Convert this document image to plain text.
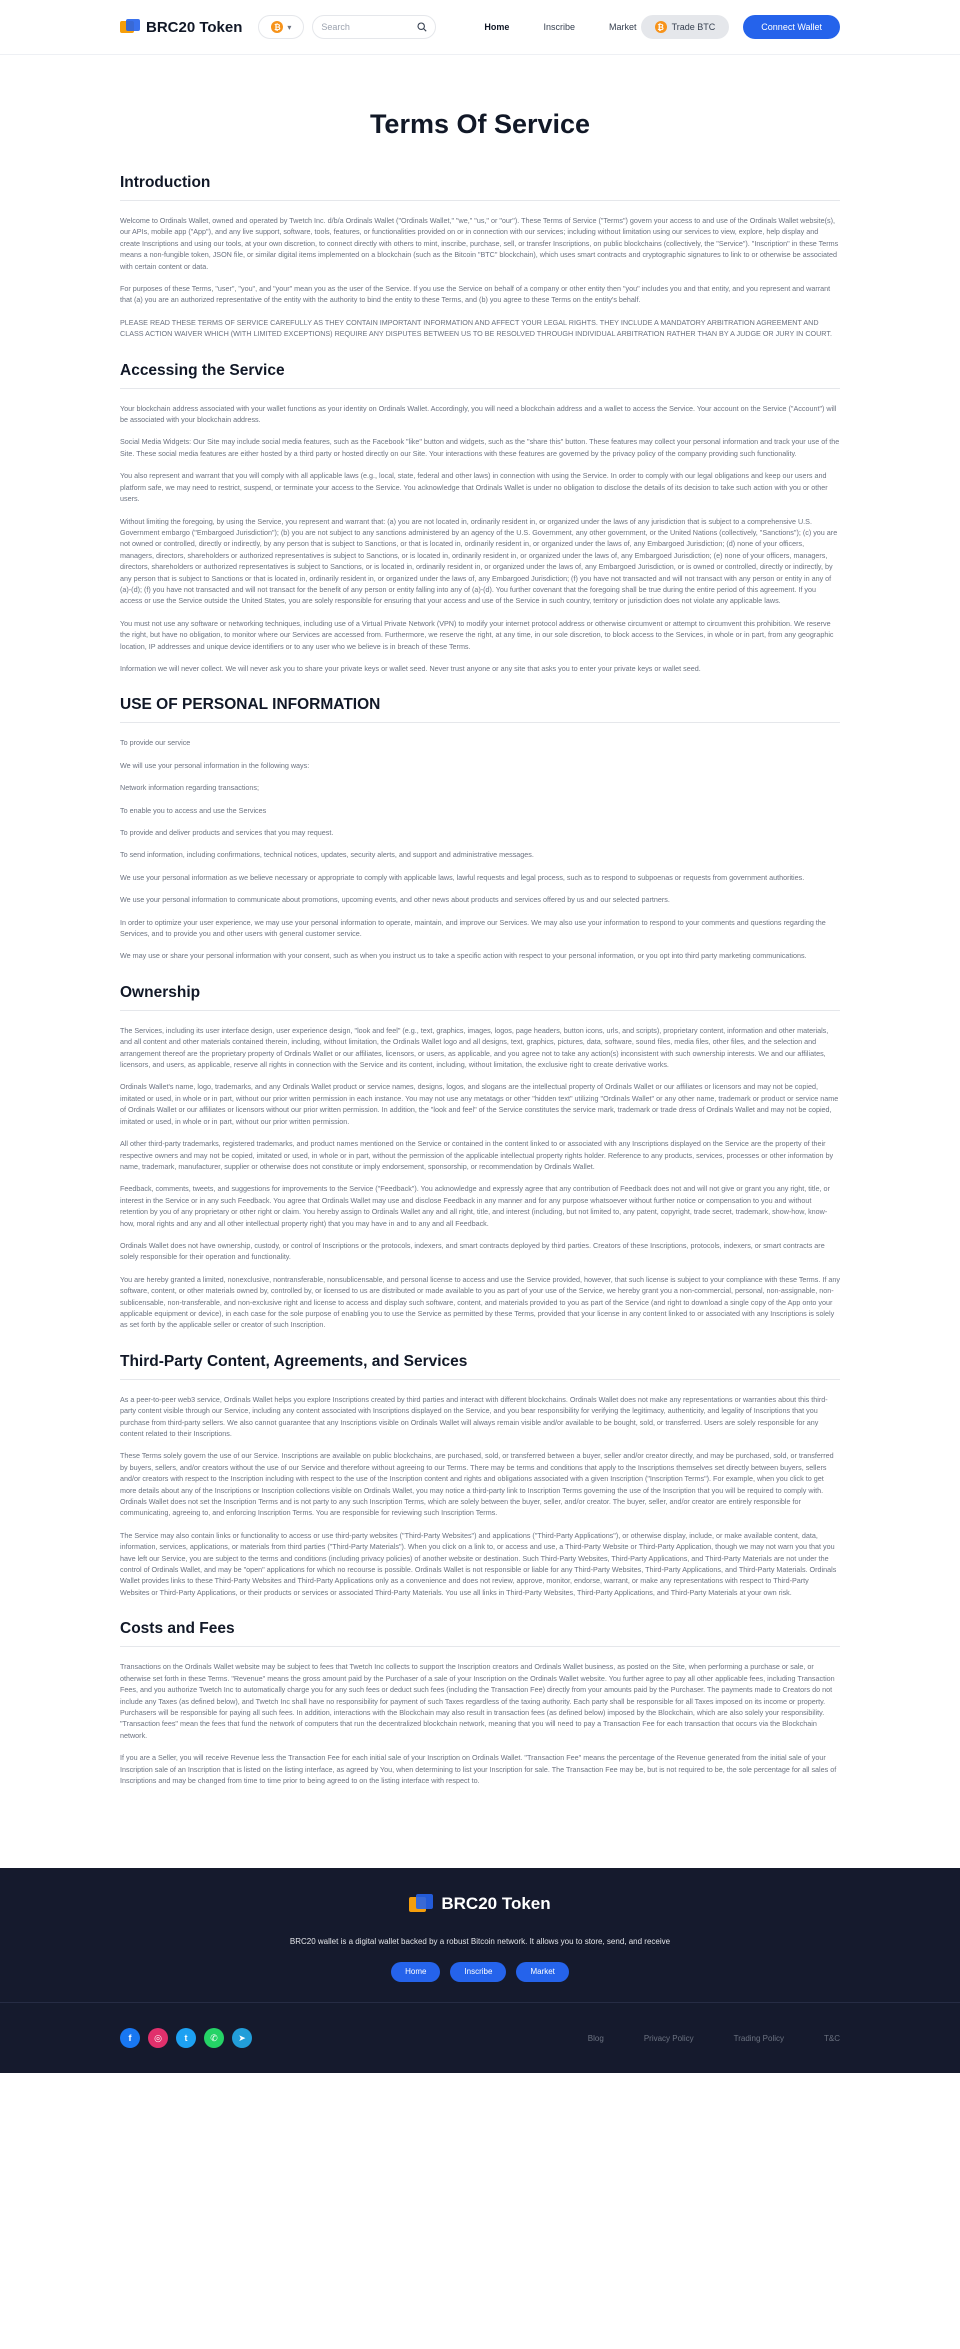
BRC20 Token	₿ ▾
Search	Home	Inscribe	Market	₿ Trade BTC	Connect Wallet
Terms Of Service
Introduction

Welcome to Ordinals Wallet, owned and operated by Twetch Inc. d/b/a Ordinals Wallet ("Ordinals Wallet," "we," "us," or "our"). These Terms of Service ("Terms") govern your access to and use of the Ordinals Wallet website(s), our APIs, mobile app ("App"), and any live support, software, tools, features, or functionalities provided on or in connection with our services; including without limitation using our services to view, explore, help display and create Inscriptions and using our tools, at your own discretion, to connect directly with others to mint, inscribe, purchase, sell, or transfer Inscriptions, on public blockchains (collectively, the "Service"). "Inscription" in these Terms means a non-fungible token, JSON file, or similar digital items implemented on a blockchain (such as the Bitcoin "BTC" blockchain), which uses smart contracts and cryptographic signatures to link to or otherwise be associated with certain content or data.

For purposes of these Terms, "user", "you", and "your" mean you as the user of the Service. If you use the Service on behalf of a company or other entity then "you" includes you and that entity, and you represent and warrant that (a) you are an authorized representative of the entity with the authority to bind the entity to these Terms, and (b) you agree to these Terms on the entity's behalf.

PLEASE READ THESE TERMS OF SERVICE CAREFULLY AS THEY CONTAIN IMPORTANT INFORMATION AND AFFECT YOUR LEGAL RIGHTS. THEY INCLUDE A MANDATORY ARBITRATION AGREEMENT AND CLASS ACTION WAIVER WHICH (WITH LIMITED EXCEPTIONS) REQUIRE ANY DISPUTES BETWEEN US TO BE RESOLVED THROUGH INDIVIDUAL ARBITRATION RATHER THAN BY A JUDGE OR JURY IN COURT.

Accessing the Service

Your blockchain address associated with your wallet functions as your identity on Ordinals Wallet. Accordingly, you will need a blockchain address and a wallet to access the Service. Your account on the Service ("Account") will be associated with your blockchain address.

Social Media Widgets: Our Site may include social media features, such as the Facebook "like" button and widgets, such as the "share this" button. These features may collect your personal information and track your use of the Site. These social media features are either hosted by a third party or hosted directly on our Site. Your interactions with these features are governed by the privacy policy of the company providing such functionality.

You also represent and warrant that you will comply with all applicable laws (e.g., local, state, federal and other laws) in connection with using the Service. In order to comply with our legal obligations and keep our users and platform safe, we may need to restrict, suspend, or terminate your access to the Service. You acknowledge that Ordinals Wallet is under no obligation to disclose the details of its decision to take such action with you or other users.

Without limiting the foregoing, by using the Service, you represent and warrant that: (a) you are not located in, ordinarily resident in, or organized under the laws of any jurisdiction that is subject to a comprehensive U.S. Government embargo ("Embargoed Jurisdiction"); (b) you are not subject to any sanctions administered by an agency of the U.S. Government, any other government, or the United Nations (collectively, "Sanctions"); (c) you are not owned or controlled, directly or indirectly, by any person that is subject to Sanctions, or that is located in, ordinarily resident in, or organized under the laws of, any Embargoed Jurisdiction; (d) none of your officers, managers, directors, shareholders or authorized representatives is subject to Sanctions, or is located in, ordinarily resident in, or organized under the laws of, any Embargoed Jurisdiction; (e) none of your officers, managers, directors, shareholders or authorized representatives is subject to Sanctions, or is located in, ordinarily resident in, or organized under the laws of, any Embargoed Jurisdiction, or is owned or controlled, directly or indirectly, by any person that is subject to Sanctions or that is located in, ordinarily resident in, or organized under the laws of, any Embargoed Jurisdiction; (f) you have not transacted and will not transact with any person or entity in any of (a)-(d); (f) you have not transacted and will not transact for the benefit of any person or entity falling into any of (a)-(d). You further covenant that the foregoing shall be true during the entire period of this agreement. If you access or use the Service outside the United States, you are solely responsible for ensuring that your access and use of the Service in such country, territory or jurisdiction does not violate any applicable laws.

You must not use any software or networking techniques, including use of a Virtual Private Network (VPN) to modify your internet protocol address or otherwise circumvent or attempt to circumvent this prohibition. We reserve the right, but have no obligation, to monitor where our Services are accessed from. Furthermore, we reserve the right, at any time, in our sole discretion, to block access to the Services, in whole or in part, from any geographic location, IP addresses and unique device identifiers or to any user who we believe is in breach of these Terms.

Information we will never collect. We will never ask you to share your private keys or wallet seed. Never trust anyone or any site that asks you to enter your private keys or wallet seed.

USE OF PERSONAL INFORMATION

To provide our service

We will use your personal information in the following ways:

Network information regarding transactions;

To enable you to access and use the Services

To provide and deliver products and services that you may request.

To send information, including confirmations, technical notices, updates, security alerts, and support and administrative messages.

We use your personal information as we believe necessary or appropriate to comply with applicable laws, lawful requests and legal process, such as to respond to subpoenas or requests from government authorities.

We use your personal information to communicate about promotions, upcoming events, and other news about products and services offered by us and our selected partners.

In order to optimize your user experience, we may use your personal information to operate, maintain, and improve our Services. We may also use your information to respond to your comments and questions regarding the Services, and to provide you and other users with general customer service.

We may use or share your personal information with your consent, such as when you instruct us to take a specific action with respect to your personal information, or you opt into third party marketing communications.

Ownership

The Services, including its user interface design, user experience design, "look and feel" (e.g., text, graphics, images, logos, page headers, button icons, urls, and scripts), proprietary content, information and other materials, and all content and other materials contained therein, including, without limitation, the Ordinals Wallet logo and all designs, text, graphics, pictures, data, software, sound files, media files, other files, and the selection and arrangement thereof are the proprietary property of Ordinals Wallet or our affiliates, licensors, or users, as applicable, and you agree not to take any action(s) inconsistent with such ownership interests. We and our affiliates, licensors, and users, as applicable, reserve all rights in connection with the Service and its content, including, without limitation, the exclusive right to create derivative works.

Ordinals Wallet's name, logo, trademarks, and any Ordinals Wallet product or service names, designs, logos, and slogans are the intellectual property of Ordinals Wallet or our affiliates or licensors and may not be copied, imitated or used, in whole or in part, without our prior written permission in each instance. You may not use any metatags or other "hidden text" utilizing "Ordinals Wallet" or any other name, trademark or product or service name of Ordinals Wallet or our affiliates or licensors without our prior written permission. In addition, the "look and feel" of the Service constitutes the service mark, trademark or trade dress of Ordinals Wallet and may not be copied, imitated or used, in whole or in part, without our prior written permission.

All other third-party trademarks, registered trademarks, and product names mentioned on the Service or contained in the content linked to or associated with any Inscriptions displayed on the Service are the property of their respective owners and may not be copied, imitated or used, in whole or in part, without the permission of the applicable intellectual property rights holder. Reference to any products, services, processes or other information by name, trademark, manufacturer, supplier or otherwise does not constitute or imply endorsement, sponsorship, or recommendation by Ordinals Wallet.

Feedback, comments, tweets, and suggestions for improvements to the Service ("Feedback"). You acknowledge and expressly agree that any contribution of Feedback does not and will not give or grant you any right, title, or interest in the Service or in any such Feedback. You agree that Ordinals Wallet may use and disclose Feedback in any manner and for any purpose whatsoever without further notice or compensation to you and without retention by you of any proprietary or other right or claim. You hereby assign to Ordinals Wallet any and all right, title, and interest (including, but not limited to, any patent, copyright, trade secret, trademark, show-how, know-how, moral rights and any and all other intellectual property right) that you may have in and to any and all Feedback.

Ordinals Wallet does not have ownership, custody, or control of Inscriptions or the protocols, indexers, and smart contracts deployed by third parties. Creators of these Inscriptions, protocols, indexers, or smart contracts are solely responsible for their operation and functionality.

You are hereby granted a limited, nonexclusive, nontransferable, nonsublicensable, and personal license to access and use the Service provided, however, that such license is subject to your compliance with these Terms. If any software, content, or other materials owned by, controlled by, or licensed to us are distributed or made available to you as part of your use of the Service, we hereby grant you a non-commercial, personal, non-assignable, non-sublicensable, non-transferable, and non-exclusive right and license to access and display such software, content, and materials provided to you as part of the Service (and right to download a single copy of the App onto your applicable equipment or device), in each case for the sole purpose of enabling you to use the Service as permitted by these Terms, provided that your license in any content linked to or associated with any Inscriptions is solely as set forth by the applicable seller or creator of such Inscription.

Third-Party Content, Agreements, and Services

As a peer-to-peer web3 service, Ordinals Wallet helps you explore Inscriptions created by third parties and interact with different blockchains. Ordinals Wallet does not make any representations or warranties about this third-party content visible through our Service, including any content associated with Inscriptions displayed on the Service, and you bear responsibility for verifying the legitimacy, authenticity, and legality of Inscriptions that you purchase from third-party sellers. We also cannot guarantee that any Inscriptions visible on Ordinals Wallet will always remain visible and/or available to be bought, sold, or transferred. Users are solely responsible for any content related to their Inscriptions.

These Terms solely govern the use of our Service. Inscriptions are available on public blockchains, are purchased, sold, or transferred between a buyer, seller and/or creator directly, and may be purchased, sold, or transferred by buyers, sellers, and/or creators without the use of our Service and therefore without agreeing to our Terms. There may be terms and conditions that apply to the Inscriptions themselves set directly between buyers, sellers and/or creators with respect to the Inscription including with respect to the use of the Inscription content and rights and obligations associated with a given Inscription ("Inscription Terms"). For example, when you click to get more details about any of the Inscriptions or Inscription collections visible on Ordinals Wallet, you may notice a third-party link to Inscription Terms governing the use of the Inscription that you will be required to comply with. Ordinals Wallet does not set the Inscription Terms and is not party to any such Inscription Terms, which are solely between the buyer, seller, and/or creator. The buyer, seller, and/or creator are entirely responsible for communicating, agreeing to, and enforcing Inscription Terms. You are responsible for reviewing such Inscription Terms.

The Service may also contain links or functionality to access or use third-party websites ("Third-Party Websites") and applications ("Third-Party Applications"), or otherwise display, include, or make available content, data, information, services, applications, or materials from third parties ("Third-Party Materials"). When you click on a link to, or access and use, a Third-Party Website or Third-Party Application, though we may not warn you that you have left our Service, you are subject to the terms and conditions (including privacy policies) of another website or destination. Such Third-Party Websites, Third-Party Applications, and Third-Party Materials are not under the control of Ordinals Wallet, and may be "open" applications for which no recourse is possible. Ordinals Wallet is not responsible or liable for any Third-Party Websites, Third-Party Applications, and Third-Party Materials. Ordinals Wallet provides links to these Third-Party Websites and Third-Party Applications only as a convenience and does not review, approve, monitor, endorse, warrant, or make any representations with respect to Third-Party Websites or Third-Party Applications, or their products or services or associated Third-Party Materials. You use all links in Third-Party Websites, Third-Party Applications, and Third-Party Materials at your own risk.

Costs and Fees

Transactions on the Ordinals Wallet website may be subject to fees that Twetch Inc collects to support the Inscription creators and Ordinals Wallet business, as posted on the Site, when performing a purchase or sale, or otherwise set forth in these Terms. "Revenue" means the gross amount paid by the Purchaser of a sale of your Inscription on the Ordinals Wallet website. You further agree to pay all other applicable fees, including Transaction Fees, and you authorize Twetch Inc to automatically charge you for any such fees or deduct such fees (including the Transaction Fee) directly from your amounts paid by the Purchaser. The payments made to Creators do not include any Taxes (as defined below), and Twetch Inc shall have no responsibility for payment of such Taxes regardless of the taxing authority. Each party shall be responsible for all Taxes imposed on its income or property. Purchasers will be responsible for paying all such fees. In addition, interactions with the Blockchain may also result in transaction fees (as defined below) imposed by the Blockchain, which are also solely your responsibility. "Transaction fees" mean the fees that fund the network of computers that run the decentralized blockchain network, meaning that you will need to pay a Transaction Fee for each transaction that occurs via the Blockchain network.

If you are a Seller, you will receive Revenue less the Transaction Fee for each initial sale of your Inscription on Ordinals Wallet. "Transaction Fee" means the percentage of the Revenue generated from the initial sale of your Inscription sale of an Inscription that is listed on the listing interface, as agreed by You, when determining to list your Inscription for sale. The Transaction Fee may be, but is not required to be, the sole percentage for all sales of Inscriptions and may be changed from time to time prior to being agreed to on the listing interface with respect to.

BRC20 Token

BRC20 wallet is a digital wallet backed by a robust Bitcoin network. It allows you to store, send, and receive

Home	Inscribe	Market
f	◎	t	✆	➤	Blog	Privacy Policy	Trading Policy	T&C
